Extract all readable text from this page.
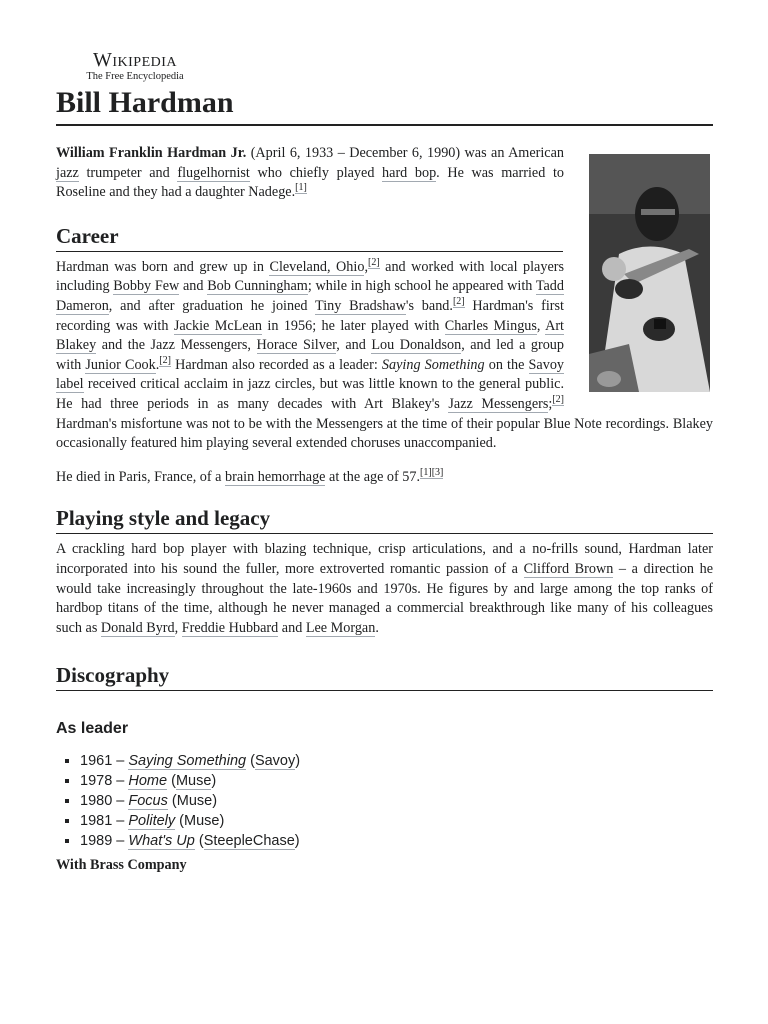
Wikipedia
The Free Encyclopedia
Bill Hardman

William Franklin Hardman Jr. (April 6, 1933 – December 6, 1990) was an American jazz trumpeter and flugelhornist who chiefly played hard bop. He was married to Roseline and they had a daughter Nadege.[1]

Career

Hardman was born and grew up in Cleveland, Ohio,[2] and worked with local players including Bobby Few and Bob Cunningham; while in high school he appeared with Tadd Dameron, and after graduation he joined Tiny Bradshaw's band.[2] Hardman's first recording was with Jackie McLean in 1956; he later played with Charles Mingus, Art Blakey and the Jazz Messengers, Horace Silver, and Lou Donaldson, and led a group with Junior Cook.[2] Hardman also recorded as a leader: Saying Something on the Savoy label received critical acclaim in jazz circles, but was little known to the general public. He had three periods in as many decades with Art Blakey's Jazz Messengers;[2] Hardman's misfortune was not to be with the Messengers at the time of their popular Blue Note recordings. Blakey occasionally featured him playing several extended choruses unaccompanied.

He died in Paris, France, of a brain hemorrhage at the age of 57.[1][3]

Playing style and legacy

A crackling hard bop player with blazing technique, crisp articulations, and a no-frills sound, Hardman later incorporated into his sound the fuller, more extroverted romantic passion of a Clifford Brown – a direction he would take increasingly throughout the late-1960s and 1970s. He figures by and large among the top ranks of hardbop titans of the time, although he never managed a commercial breakthrough like many of his colleagues such as Donald Byrd, Freddie Hubbard and Lee Morgan.

Discography
As leader
▪ 1961 – Saying Something (Savoy)
▪ 1978 – Home (Muse)
▪ 1980 – Focus (Muse)
▪ 1981 – Politely (Muse)
▪ 1989 – What's Up (SteepleChase)
With Brass Company
